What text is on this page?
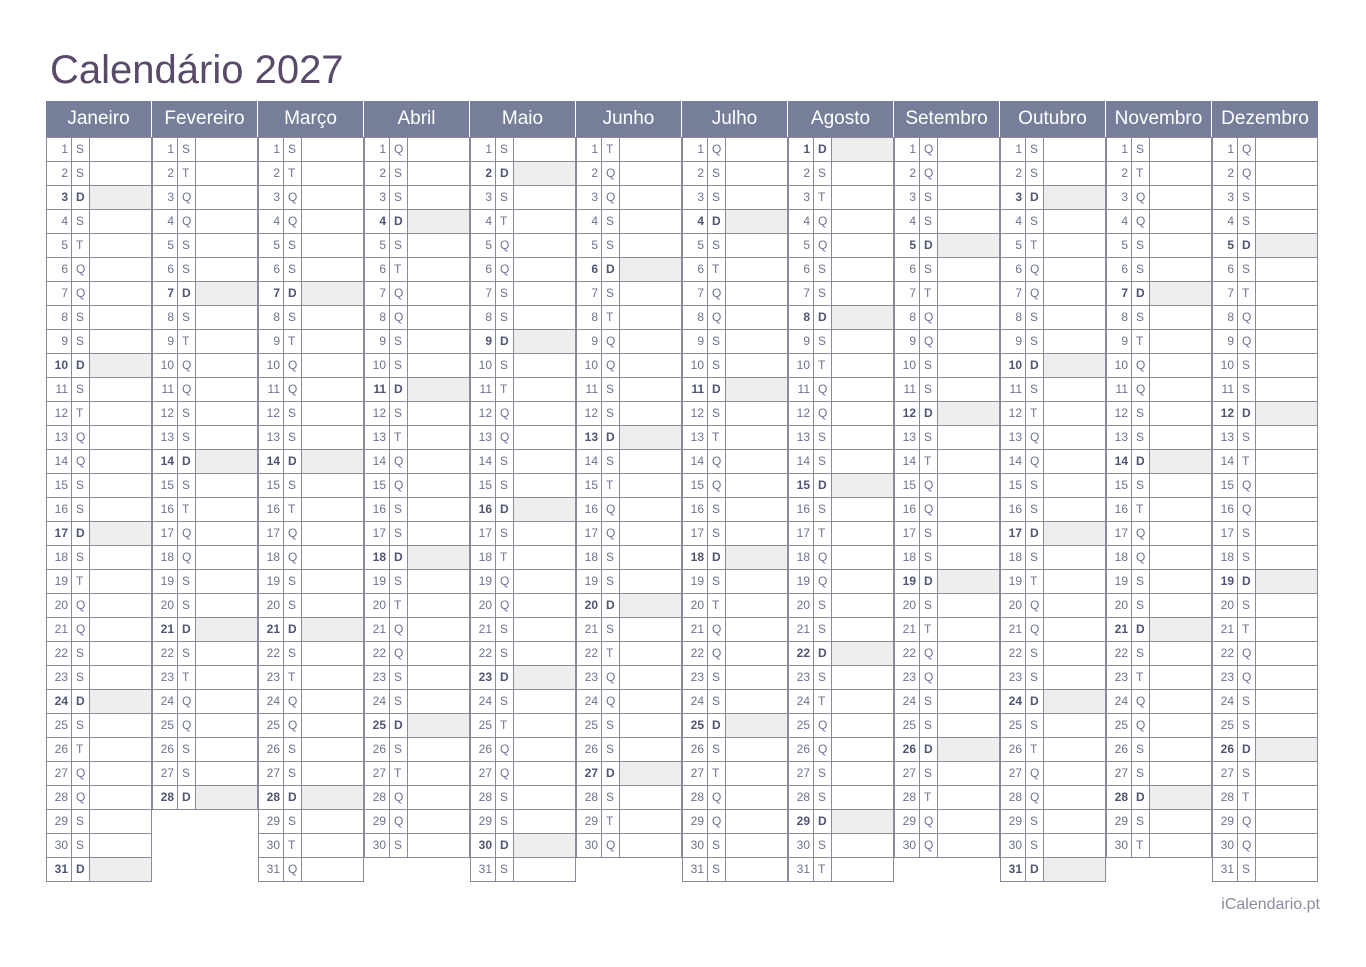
Calendário 2027
Janeiro
1 S
2 S
3 D
4 S
5 T
6 Q
7 Q
8 S
9 S
10 D
11 S
12 T
13 Q
14 Q
15 S
16 S
17 D
18 S
19 T
20 Q
21 Q
22 S
23 S
24 D
25 S
26 T
27 Q
28 Q
29 S
30 S
31 D
Fevereiro
1 S
2 T
3 Q
4 Q
5 S
6 S
7 D
8 S
9 T
10 Q
11 Q
12 S
13 S
14 D
15 S
16 T
17 Q
18 Q
19 S
20 S
21 D
22 S
23 T
24 Q
25 Q
26 S
27 S
28 D
Março
1 S
2 T
3 Q
4 Q
5 S
6 S
7 D
8 S
9 T
10 Q
11 Q
12 S
13 S
14 D
15 S
16 T
17 Q
18 Q
19 S
20 S
21 D
22 S
23 T
24 Q
25 Q
26 S
27 S
28 D
29 S
30 T
31 Q
Abril
1 Q
2 S
3 S
4 D
5 S
6 T
7 Q
8 Q
9 S
10 S
11 D
12 S
13 T
14 Q
15 Q
16 S
17 S
18 D
19 S
20 T
21 Q
22 Q
23 S
24 S
25 D
26 S
27 T
28 Q
29 Q
30 S
Maio
1 S
2 D
3 S
4 T
5 Q
6 Q
7 S
8 S
9 D
10 S
11 T
12 Q
13 Q
14 S
15 S
16 D
17 S
18 T
19 Q
20 Q
21 S
22 S
23 D
24 S
25 T
26 Q
27 Q
28 S
29 S
30 D
31 S
Junho
1 T
2 Q
3 Q
4 S
5 S
6 D
7 S
8 T
9 Q
10 Q
11 S
12 S
13 D
14 S
15 T
16 Q
17 Q
18 S
19 S
20 D
21 S
22 T
23 Q
24 Q
25 S
26 S
27 D
28 S
29 T
30 Q
Julho
1 Q
2 S
3 S
4 D
5 S
6 T
7 Q
8 Q
9 S
10 S
11 D
12 S
13 T
14 Q
15 Q
16 S
17 S
18 D
19 S
20 T
21 Q
22 Q
23 S
24 S
25 D
26 S
27 T
28 Q
29 Q
30 S
31 S
Agosto
1 D
2 S
3 T
4 Q
5 Q
6 S
7 S
8 D
9 S
10 T
11 Q
12 Q
13 S
14 S
15 D
16 S
17 T
18 Q
19 Q
20 S
21 S
22 D
23 S
24 T
25 Q
26 Q
27 S
28 S
29 D
30 S
31 T
Setembro
1 Q
2 Q
3 S
4 S
5 D
6 S
7 T
8 Q
9 Q
10 S
11 S
12 D
13 S
14 T
15 Q
16 Q
17 S
18 S
19 D
20 S
21 T
22 Q
23 Q
24 S
25 S
26 D
27 S
28 T
29 Q
30 Q
Outubro
1 S
2 S
3 D
4 S
5 T
6 Q
7 Q
8 S
9 S
10 D
11 S
12 T
13 Q
14 Q
15 S
16 S
17 D
18 S
19 T
20 Q
21 Q
22 S
23 S
24 D
25 S
26 T
27 Q
28 Q
29 S
30 S
31 D
Novembro
1 S
2 T
3 Q
4 Q
5 S
6 S
7 D
8 S
9 T
10 Q
11 Q
12 S
13 S
14 D
15 S
16 T
17 Q
18 Q
19 S
20 S
21 D
22 S
23 T
24 Q
25 Q
26 S
27 S
28 D
29 S
30 T
Dezembro
1 Q
2 Q
3 S
4 S
5 D
6 S
7 T
8 Q
9 Q
10 S
11 S
12 D
13 S
14 T
15 Q
16 Q
17 S
18 S
19 D
20 S
21 T
22 Q
23 Q
24 S
25 S
26 D
27 S
28 T
29 Q
30 Q
31 S
iCalendario.pt
